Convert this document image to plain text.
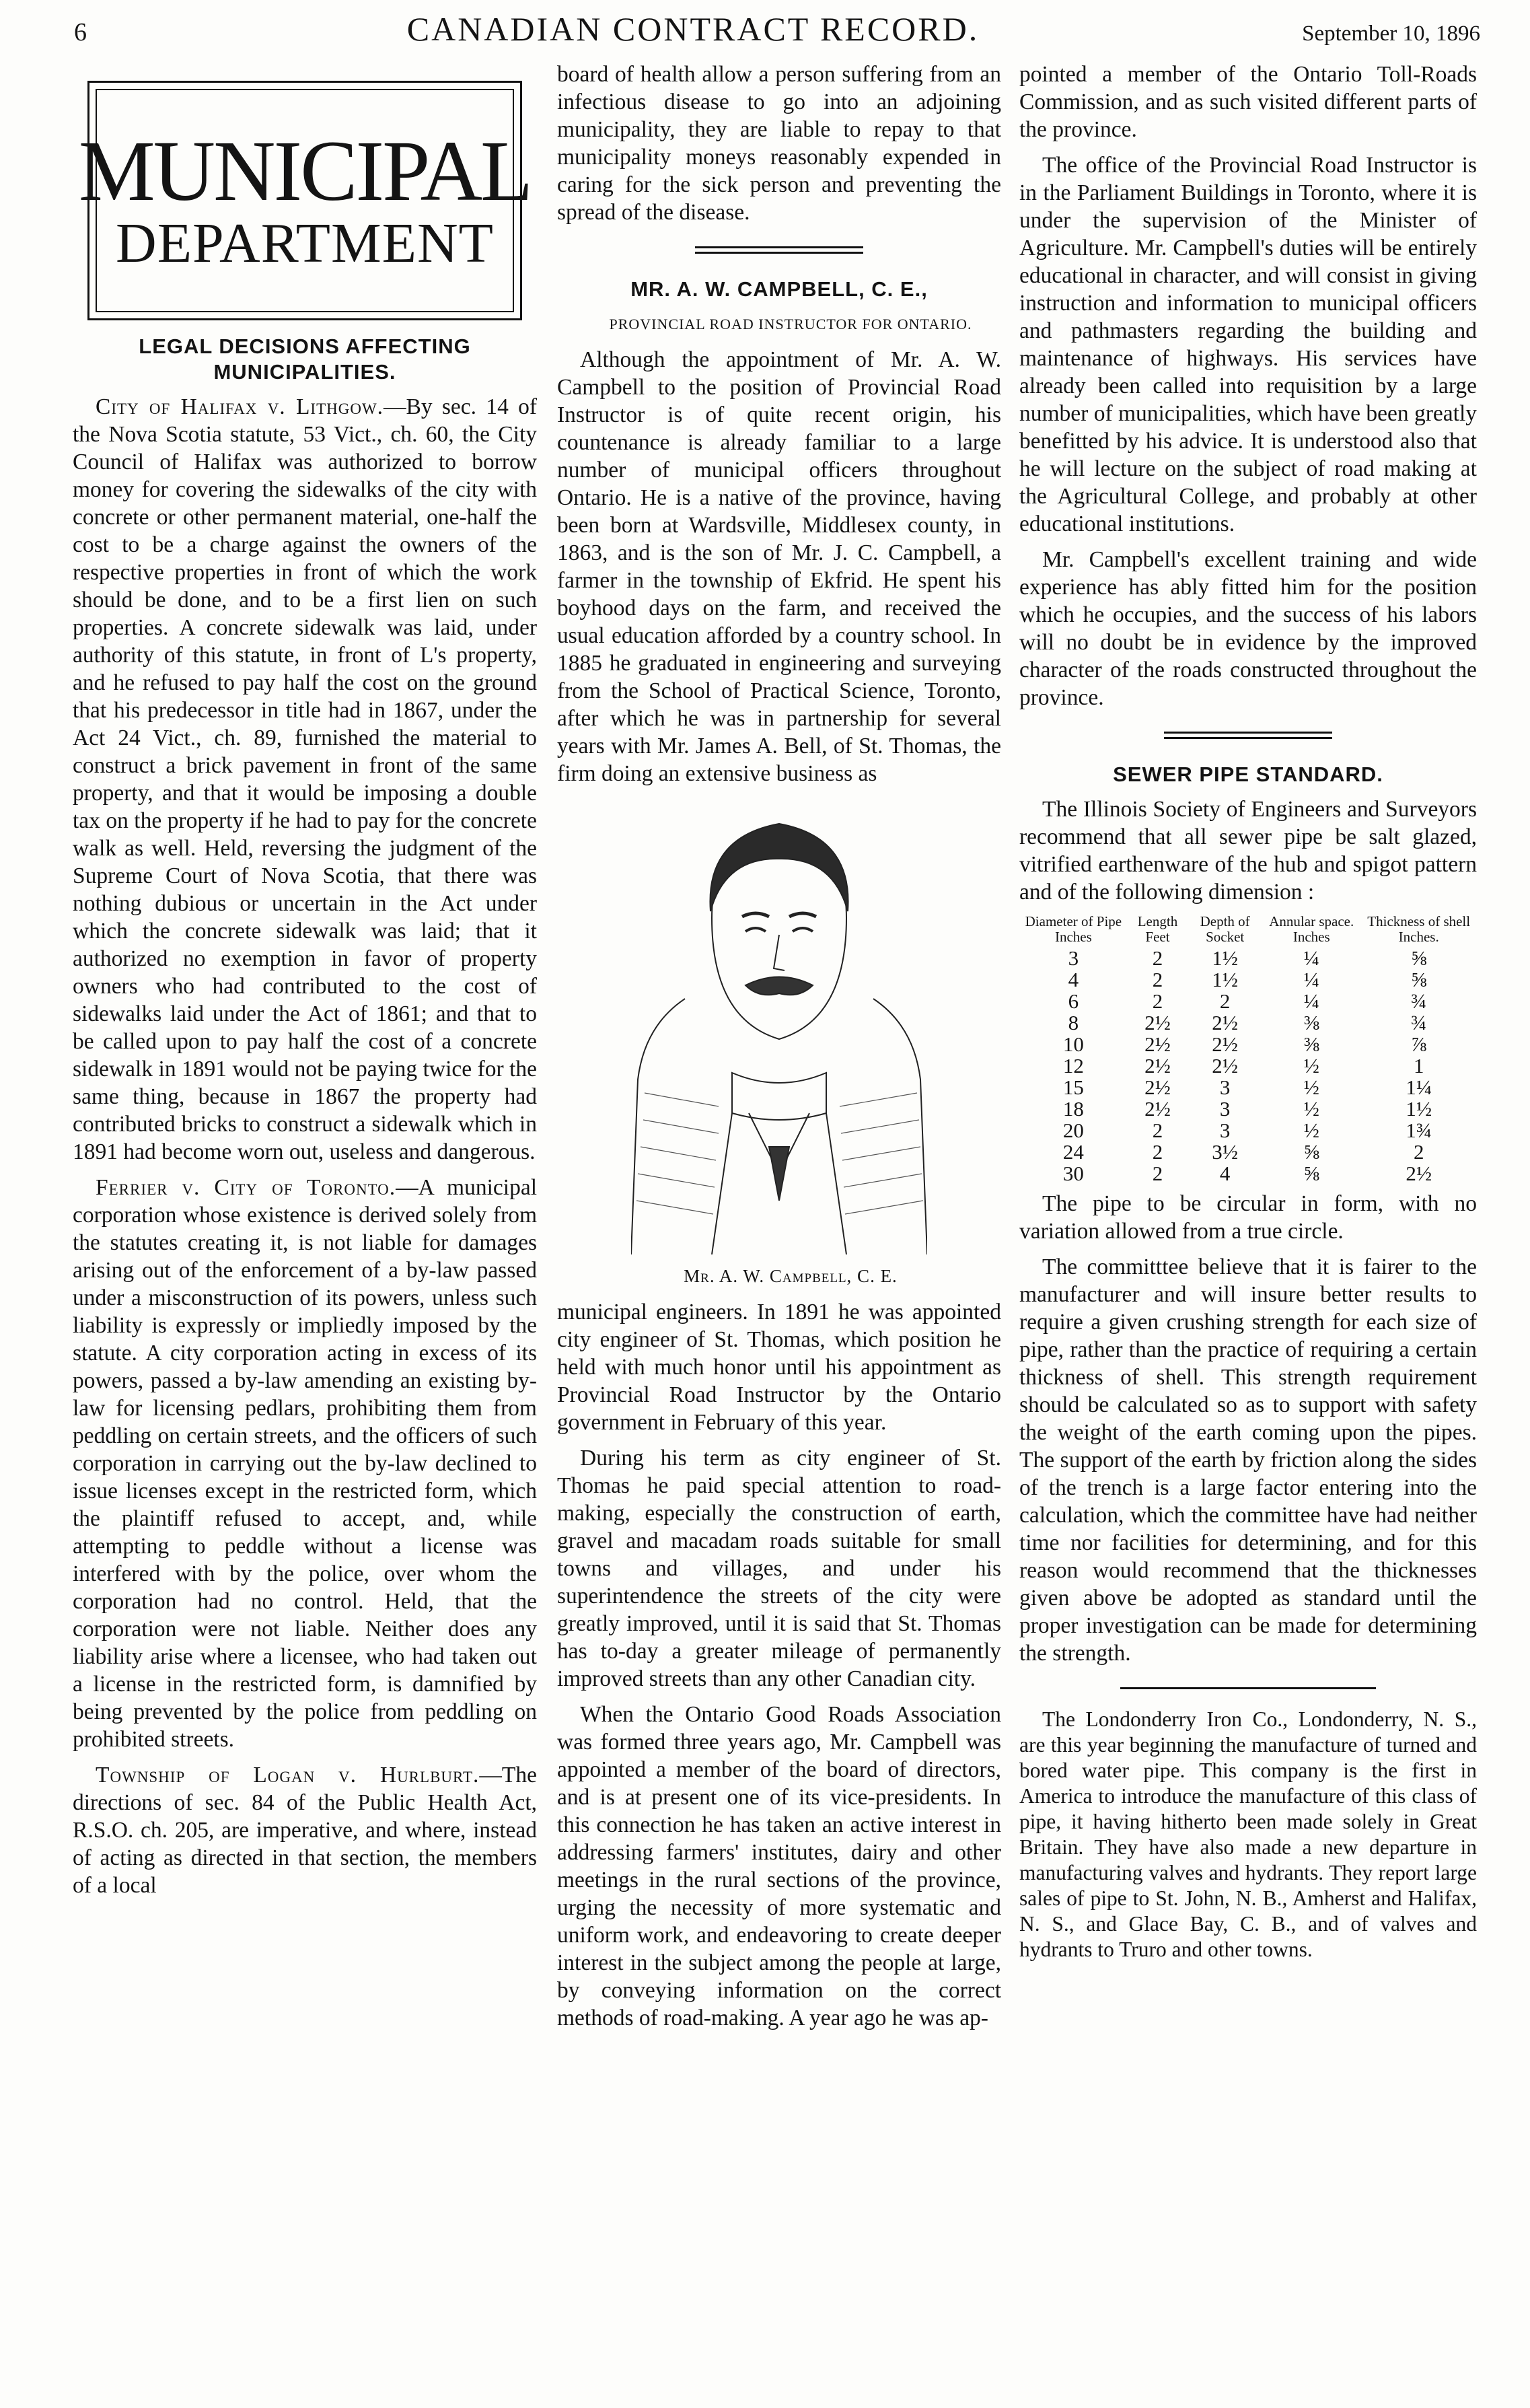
6	CANADIAN CONTRACT RECORD.	September 10, 1896
MUNICIPAL
DEPARTMENT
LEGAL DECISIONS AFFECTING MUNICIPALITIES.

City of Halifax v. Lithgow.—By sec. 14 of the Nova Scotia statute, 53 Vict., ch. 60, the City Council of Halifax was authorized to borrow money for covering the sidewalks of the city with concrete or other permanent material, one-half the cost to be a charge against the owners of the respective properties in front of which the work should be done, and to be a first lien on such properties. A concrete sidewalk was laid, under authority of this statute, in front of L's property, and he refused to pay half the cost on the ground that his predecessor in title had in 1867, under the Act 24 Vict., ch. 89, furnished the material to construct a brick pavement in front of the same property, and that it would be imposing a double tax on the property if he had to pay for the concrete walk as well. Held, reversing the judgment of the Supreme Court of Nova Scotia, that there was nothing dubious or uncertain in the Act under which the concrete sidewalk was laid; that it authorized no exemption in favor of property owners who had contributed to the cost of sidewalks laid under the Act of 1861; and that to be called upon to pay half the cost of a concrete sidewalk in 1891 would not be paying twice for the same thing, because in 1867 the property had contributed bricks to construct a sidewalk which in 1891 had become worn out, useless and dangerous.

Ferrier v. City of Toronto.—A municipal corporation whose existence is derived solely from the statutes creating it, is not liable for damages arising out of the enforcement of a by-law passed under a misconstruction of its powers, unless such liability is expressly or impliedly imposed by the statute. A city corporation acting in excess of its powers, passed a by-law amending an existing by-law for licensing pedlars, prohibiting them from peddling on certain streets, and the officers of such corporation in carrying out the by-law declined to issue licenses except in the restricted form, which the plaintiff refused to accept, and, while attempting to peddle without a license was interfered with by the police, over whom the corporation had no control. Held, that the corporation were not liable. Neither does any liability arise where a licensee, who had taken out a license in the restricted form, is damnified by being prevented by the police from peddling on prohibited streets.

Township of Logan v. Hurlburt.—The directions of sec. 84 of the Public Health Act, R.S.O. ch. 205, are imperative, and where, instead of acting as directed in that section, the members of a local

board of health allow a person suffering from an infectious disease to go into an adjoining municipality, they are liable to repay to that municipality moneys reasonably expended in caring for the sick person and preventing the spread of the disease.

MR. A. W. CAMPBELL, C. E.,

PROVINCIAL ROAD INSTRUCTOR FOR ONTARIO.

Although the appointment of Mr. A. W. Campbell to the position of Provincial Road Instructor is of quite recent origin, his countenance is already familiar to a large number of municipal officers throughout Ontario. He is a native of the province, having been born at Wardsville, Middlesex county, in 1863, and is the son of Mr. J. C. Campbell, a farmer in the township of Ekfrid. He spent his boyhood days on the farm, and received the usual education afforded by a country school. In 1885 he graduated in engineering and surveying from the School of Practical Science, Toronto, after which he was in partnership for several years with Mr. James A. Bell, of St. Thomas, the firm doing an extensive business as

Mr. A. W. Campbell, C. E.

municipal engineers. In 1891 he was appointed city engineer of St. Thomas, which position he held with much honor until his appointment as Provincial Road Instructor by the Ontario government in February of this year.

During his term as city engineer of St. Thomas he paid special attention to road-making, especially the construction of earth, gravel and macadam roads suitable for small towns and villages, and under his superintendence the streets of the city were greatly improved, until it is said that St. Thomas has to-day a greater mileage of permanently improved streets than any other Canadian city.

When the Ontario Good Roads Association was formed three years ago, Mr. Campbell was appointed a member of the board of directors, and is at present one of its vice-presidents. In this connection he has taken an active interest in addressing farmers' institutes, dairy and other meetings in the rural sections of the province, urging the necessity of more systematic and uniform work, and endeavoring to create deeper interest in the subject among the people at large, by conveying information on the correct methods of road-making. A year ago he was ap-

pointed a member of the Ontario Toll-Roads Commission, and as such visited different parts of the province.

The office of the Provincial Road Instructor is in the Parliament Buildings in Toronto, where it is under the supervision of the Minister of Agriculture. Mr. Campbell's duties will be entirely educational in character, and will consist in giving instruction and information to municipal officers and pathmasters regarding the building and maintenance of highways. His services have already been called into requisition by a large number of municipalities, which have been greatly benefitted by his advice. It is understood also that he will lecture on the subject of road making at the Agricultural College, and probably at other educational institutions.

Mr. Campbell's excellent training and wide experience has ably fitted him for the position which he occupies, and the success of his labors will no doubt be in evidence by the improved character of the roads constructed throughout the province.

SEWER PIPE STANDARD.

The Illinois Society of Engineers and Surveyors recommend that all sewer pipe be salt glazed, vitrified earthenware of the hub and spigot pattern and of the following dimension :

Diameter of Pipe Inches	Length Feet	Depth of Socket	Annular space. Inches	Thickness of shell Inches.
3	2	1½	¼	⅝
4	2	1½	¼	⅝
6	2	2	¼	¾
8	2½	2½	⅜	¾
10	2½	2½	⅜	⅞
12	2½	2½	½	1
15	2½	3	½	1¼
18	2½	3	½	1½
20	2	3	½	1¾
24	2	3½	⅝	2
30	2	4	⅝	2½

The pipe to be circular in form, with no variation allowed from a true circle.

The committtee believe that it is fairer to the manufacturer and will insure better results to require a given crushing strength for each size of pipe, rather than the practice of requiring a certain thickness of shell. This strength requirement should be calculated so as to support with safety the weight of the earth coming upon the pipes. The support of the earth by friction along the sides of the trench is a large factor entering into the calculation, which the committee have had neither time nor facilities for determining, and for this reason would recommend that the thicknesses given above be adopted as standard until the proper investigation can be made for determining the strength.

The Londonderry Iron Co., Londonderry, N. S., are this year beginning the manufacture of turned and bored water pipe. This company is the first in America to introduce the manufacture of this class of pipe, it having hitherto been made solely in Great Britain. They have also made a new departure in manufacturing valves and hydrants. They report large sales of pipe to St. John, N. B., Amherst and Halifax, N. S., and Glace Bay, C. B., and of valves and hydrants to Truro and other towns.
